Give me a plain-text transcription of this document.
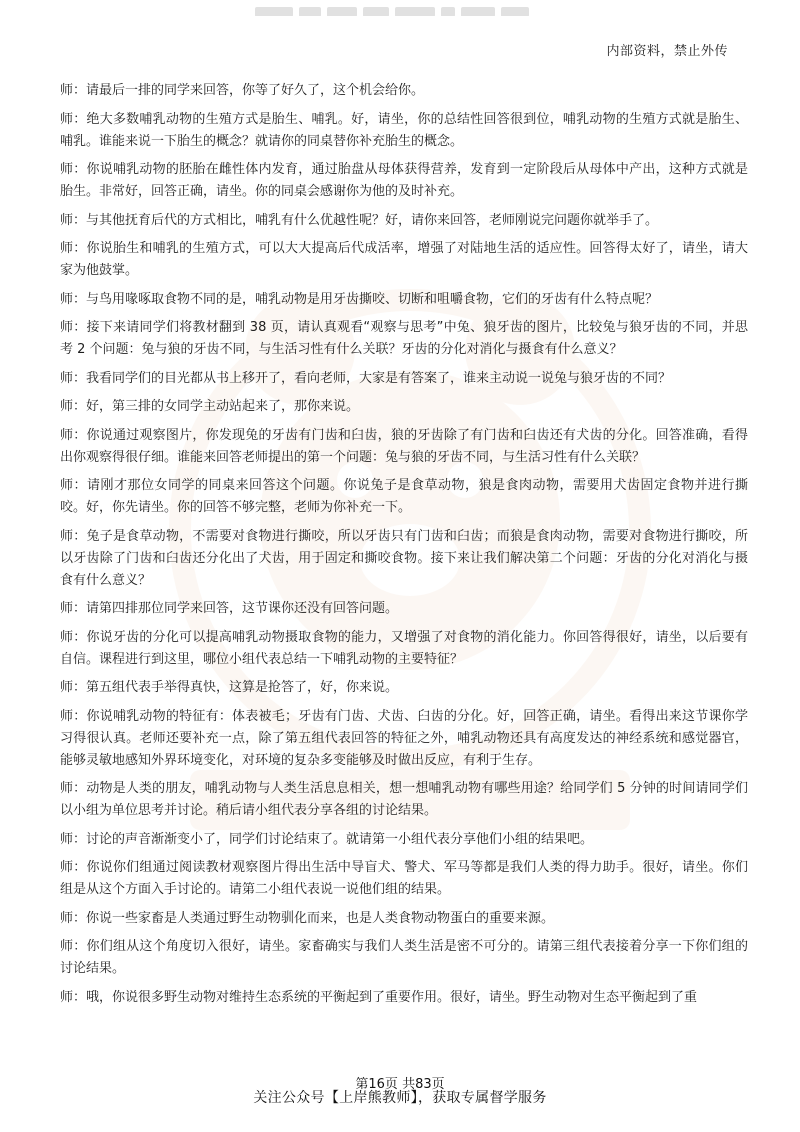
内部资料，禁止外传

师：请最后一排的同学来回答，你等了好久了，这个机会给你。

师：绝大多数哺乳动物的生殖方式是胎生、哺乳。好，请坐，你的总结性回答很到位，哺乳动物的生殖方式就是胎生、哺乳。谁能来说一下胎生的概念？就请你的同桌替你补充胎生的概念。

师：你说哺乳动物的胚胎在雌性体内发育，通过胎盘从母体获得营养，发育到一定阶段后从母体中产出，这种方式就是胎生。非常好，回答正确，请坐。你的同桌会感谢你为他的及时补充。

师：与其他抚育后代的方式相比，哺乳有什么优越性呢？好，请你来回答，老师刚说完问题你就举手了。

师：你说胎生和哺乳的生殖方式，可以大大提高后代成活率，增强了对陆地生活的适应性。回答得太好了，请坐，请大家为他鼓掌。

师：与鸟用喙啄取食物不同的是，哺乳动物是用牙齿撕咬、切断和咀嚼食物，它们的牙齿有什么特点呢？

师：接下来请同学们将教材翻到 38 页，请认真观看“观察与思考”中兔、狼牙齿的图片，比较兔与狼牙齿的不同，并思考 2 个问题：兔与狼的牙齿不同，与生活习性有什么关联？牙齿的分化对消化与摄食有什么意义？

师：我看同学们的目光都从书上移开了，看向老师，大家是有答案了，谁来主动说一说兔与狼牙齿的不同？

师：好，第三排的女同学主动站起来了，那你来说。

师：你说通过观察图片，你发现兔的牙齿有门齿和臼齿，狼的牙齿除了有门齿和臼齿还有犬齿的分化。回答准确，看得出你观察得很仔细。谁能来回答老师提出的第一个问题：兔与狼的牙齿不同，与生活习性有什么关联？

师：请刚才那位女同学的同桌来回答这个问题。你说兔子是食草动物，狼是食肉动物，需要用犬齿固定食物并进行撕咬。好，你先请坐。你的回答不够完整，老师为你补充一下。

师：兔子是食草动物，不需要对食物进行撕咬，所以牙齿只有门齿和臼齿；而狼是食肉动物，需要对食物进行撕咬，所以牙齿除了门齿和臼齿还分化出了犬齿，用于固定和撕咬食物。接下来让我们解决第二个问题：牙齿的分化对消化与摄食有什么意义？

师：请第四排那位同学来回答，这节课你还没有回答问题。

师：你说牙齿的分化可以提高哺乳动物摄取食物的能力，又增强了对食物的消化能力。你回答得很好，请坐，以后要有自信。课程进行到这里，哪位小组代表总结一下哺乳动物的主要特征？

师：第五组代表手举得真快，这算是抢答了，好，你来说。

师：你说哺乳动物的特征有：体表被毛；牙齿有门齿、犬齿、臼齿的分化。好，回答正确，请坐。看得出来这节课你学习得很认真。老师还要补充一点，除了第五组代表回答的特征之外，哺乳动物还具有高度发达的神经系统和感觉器官，能够灵敏地感知外界环境变化，对环境的复杂多变能够及时做出反应，有利于生存。

师：动物是人类的朋友，哺乳动物与人类生活息息相关，想一想哺乳动物有哪些用途？给同学们 5 分钟的时间请同学们以小组为单位思考并讨论。稍后请小组代表分享各组的讨论结果。

师：讨论的声音渐渐变小了，同学们讨论结束了。就请第一小组代表分享他们小组的结果吧。

师：你说你们组通过阅读教材观察图片得出生活中导盲犬、警犬、军马等都是我们人类的得力助手。很好，请坐。你们组是从这个方面入手讨论的。请第二小组代表说一说他们组的结果。

师：你说一些家畜是人类通过野生动物驯化而来，也是人类食物动物蛋白的重要来源。

师：你们组从这个角度切入很好，请坐。家畜确实与我们人类生活是密不可分的。请第三组代表接着分享一下你们组的讨论结果。

师：哦，你说很多野生动物对维持生态系统的平衡起到了重要作用。很好，请坐。野生动物对生态平衡起到了重

第16页 共83页
关注公众号【上岸熊教师】，获取专属督学服务
